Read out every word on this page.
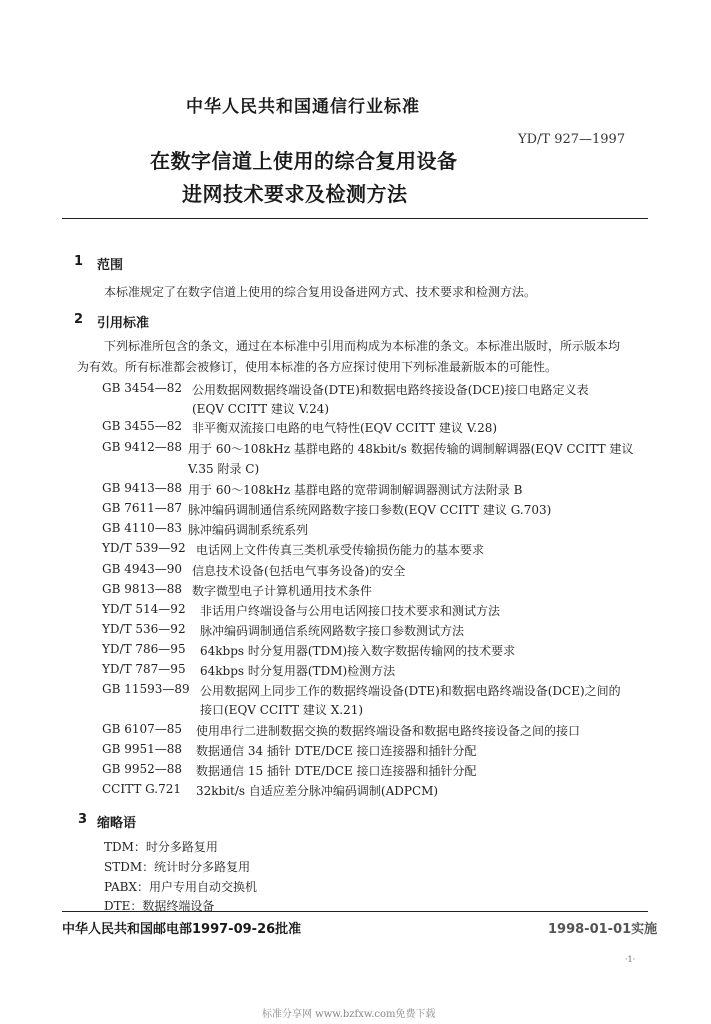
中华人民共和国通信行业标准
YD/T 927—1997
在数字信道上使用的综合复用设备
进网技术要求及检测方法
1 范围
本标准规定了在数字信道上使用的综合复用设备进网方式、技术要求和检测方法。
2 引用标准
下列标准所包含的条文，通过在本标准中引用而构成为本标准的条文。本标准出版时，所示版本均
为有效。所有标准都会被修订，使用本标准的各方应探讨使用下列标准最新版本的可能性。
GB 3454—82 公用数据网数据终端设备(DTE)和数据电路终接设备(DCE)接口电路定义表
(EQV CCITT 建议 V.24)
GB 3455—82 非平衡双流接口电路的电气特性(EQV CCITT 建议 V.28)
GB 9412—88 用于 60～108kHz 基群电路的 48kbit/s 数据传输的调制解调器(EQV CCITT 建议
V.35 附录 C)
GB 9413—88 用于 60～108kHz 基群电路的宽带调制解调器测试方法附录 B
GB 7611—87 脉冲编码调制通信系统网路数字接口参数(EQV CCITT 建议 G.703)
GB 4110—83 脉冲编码调制系统系列
YD/T 539—92 电话网上文件传真三类机承受传输损伤能力的基本要求
GB 4943—90 信息技术设备(包括电气事务设备)的安全
GB 9813—88 数字微型电子计算机通用技术条件
YD/T 514—92 非话用户终端设备与公用电话网接口技术要求和测试方法
YD/T 536—92 脉冲编码调制通信系统网路数字接口参数测试方法
YD/T 786—95 64kbps 时分复用器(TDM)接入数字数据传输网的技术要求
YD/T 787—95 64kbps 时分复用器(TDM)检测方法
GB 11593—89 公用数据网上同步工作的数据终端设备(DTE)和数据电路终端设备(DCE)之间的
接口(EQV CCITT 建议 X.21)
GB 6107—85 使用串行二进制数据交换的数据终端设备和数据电路终接设备之间的接口
GB 9951—88 数据通信 34 插针 DTE/DCE 接口连接器和插针分配
GB 9952—88 数据通信 15 插针 DTE/DCE 接口连接器和插针分配
CCITT G.721 32kbit/s 自适应差分脉冲编码调制(ADPCM)
3 缩略语
TDM：时分多路复用
STDM：统计时分多路复用
PABX：用户专用自动交换机
DTE：数据终端设备
中华人民共和国邮电部1997-09-26批准	1998-01-01实施
·1·
标准分享网 www.bzfxw.com免费下载
